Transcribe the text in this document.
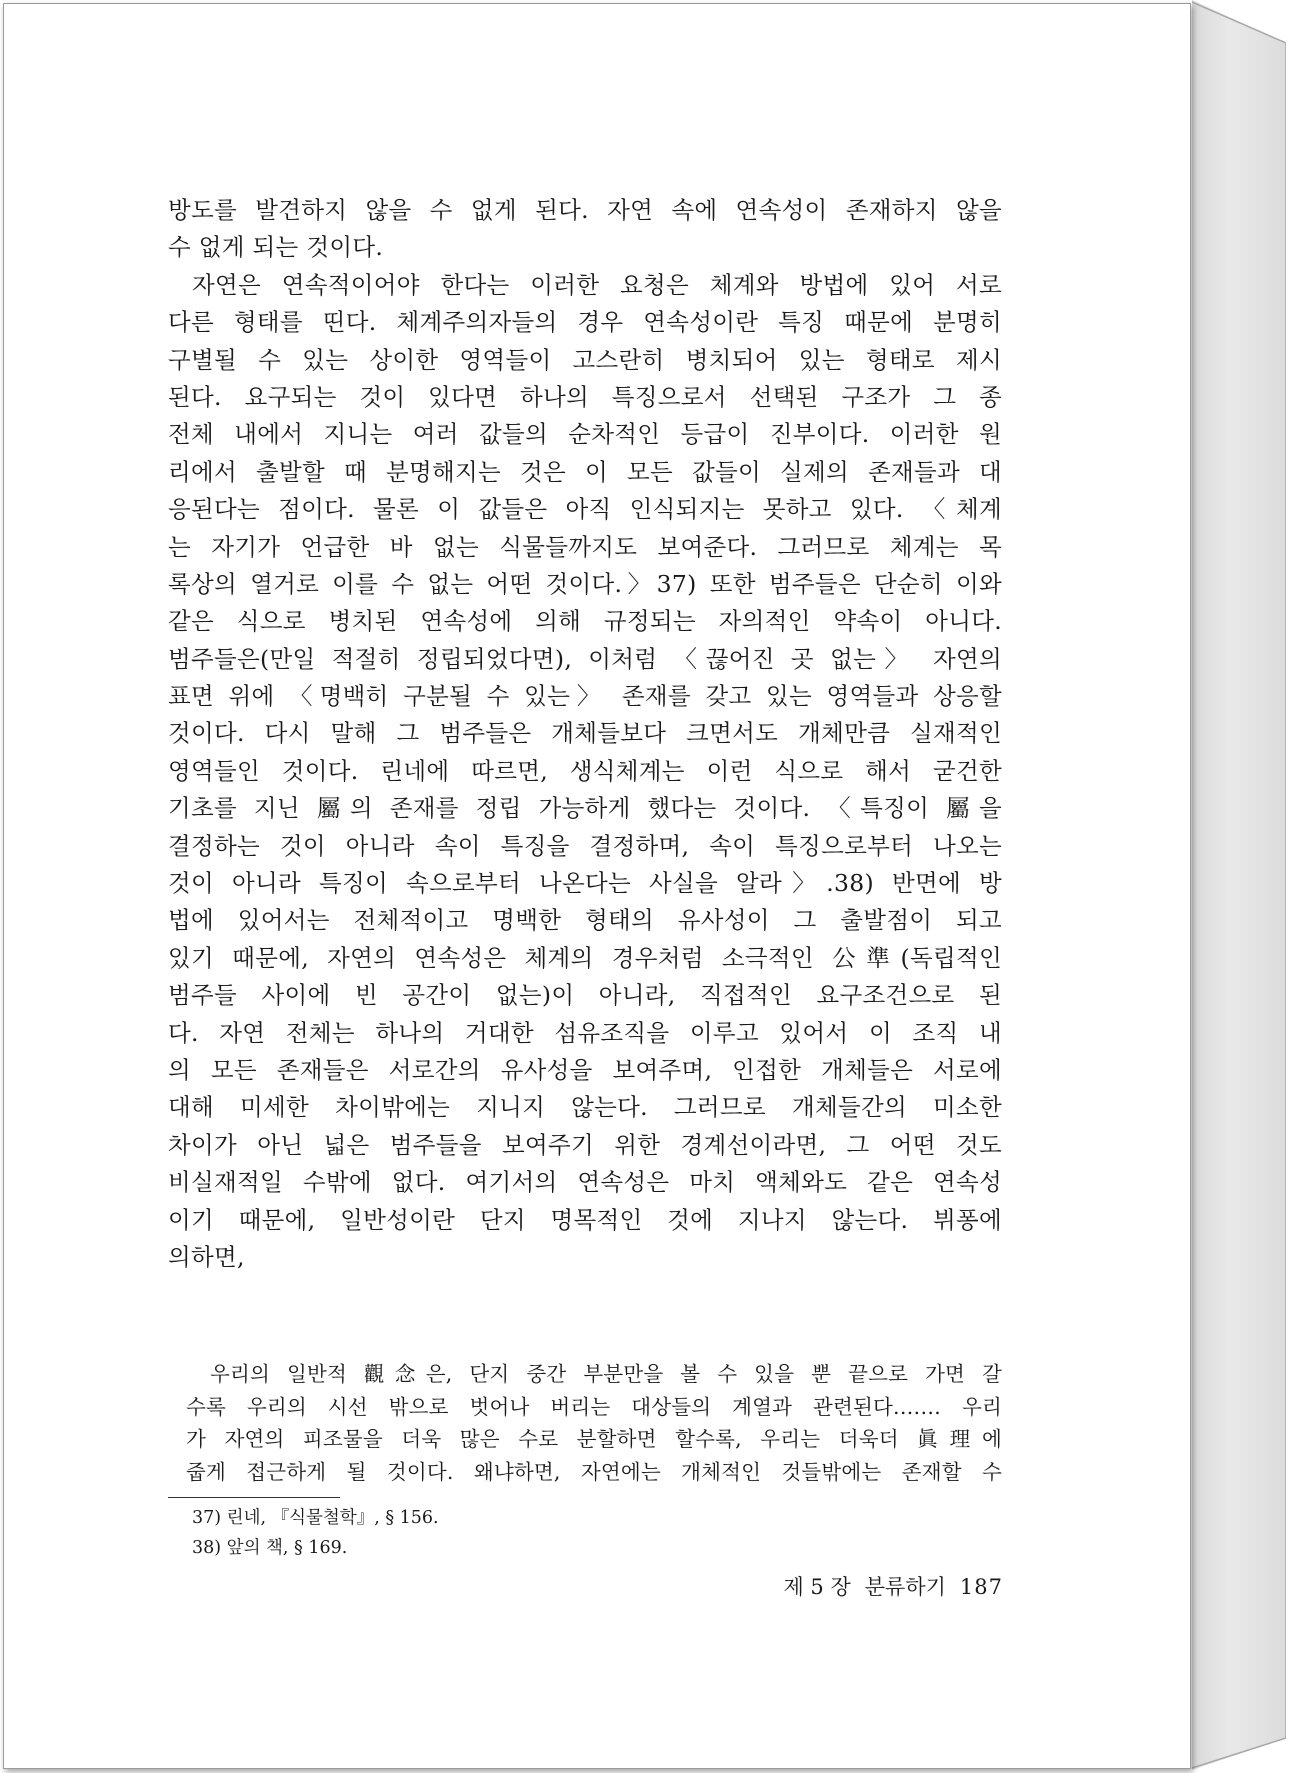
방도를 발견하지 않을 수 없게 된다. 자연 속에 연속성이 존재하지 않을
수 없게 되는 것이다.
자연은 연속적이어야 한다는 이러한 요청은 체계와 방법에 있어 서로
다른 형태를 띤다. 체계주의자들의 경우 연속성이란 특징 때문에 분명히
구별될 수 있는 상이한 영역들이 고스란히 병치되어 있는 형태로 제시
된다. 요구되는 것이 있다면 하나의 특징으로서 선택된 구조가 그 종
전체 내에서 지니는 여러 값들의 순차적인 등급이 진부이다. 이러한 원
리에서 출발할 때 분명해지는 것은 이 모든 값들이 실제의 존재들과 대
응된다는 점이다. 물론 이 값들은 아직 인식되지는 못하고 있다. 〈체계
는 자기가 언급한 바 없는 식물들까지도 보여준다. 그러므로 체계는 목
록상의 열거로 이를 수 없는 어떤 것이다.〉37) 또한 범주들은 단순히 이와
같은 식으로 병치된 연속성에 의해 규정되는 자의적인 약속이 아니다.
범주들은(만일 적절히 정립되었다면), 이처럼 〈끊어진 곳 없는〉 자연의
표면 위에 〈명백히 구분될 수 있는〉 존재를 갖고 있는 영역들과 상응할
것이다. 다시 말해 그 범주들은 개체들보다 크면서도 개체만큼 실재적인
영역들인 것이다. 린네에 따르면, 생식체계는 이런 식으로 해서 굳건한
기초를 지닌 屬의 존재를 정립 가능하게 했다는 것이다. 〈특징이 屬을
결정하는 것이 아니라 속이 특징을 결정하며, 속이 특징으로부터 나오는
것이 아니라 특징이 속으로부터 나온다는 사실을 알라〉.38) 반면에 방
법에 있어서는 전체적이고 명백한 형태의 유사성이 그 출발점이 되고
있기 때문에, 자연의 연속성은 체계의 경우처럼 소극적인 公準(독립적인
범주들 사이에 빈 공간이 없는)이 아니라, 직접적인 요구조건으로 된
다. 자연 전체는 하나의 거대한 섬유조직을 이루고 있어서 이 조직 내
의 모든 존재들은 서로간의 유사성을 보여주며, 인접한 개체들은 서로에
대해 미세한 차이밖에는 지니지 않는다. 그러므로 개체들간의 미소한
차이가 아닌 넓은 범주들을 보여주기 위한 경계선이라면, 그 어떤 것도
비실재적일 수밖에 없다. 여기서의 연속성은 마치 액체와도 같은 연속성
이기 때문에, 일반성이란 단지 명목적인 것에 지나지 않는다. 뷔퐁에
의하면,
우리의 일반적 觀念은, 단지 중간 부분만을 볼 수 있을 뿐 끝으로 가면 갈
수록 우리의 시선 밖으로 벗어나 버리는 대상들의 계열과 관련된다.…… 우리
가 자연의 피조물을 더욱 많은 수로 분할하면 할수록, 우리는 더욱더 眞理에
줍게 접근하게 될 것이다. 왜냐하면, 자연에는 개체적인 것들밖에는 존재할 수
37) 린네, 『식물철학』, § 156.
38) 앞의 책, § 169.
제 5 장 분류하기 187
